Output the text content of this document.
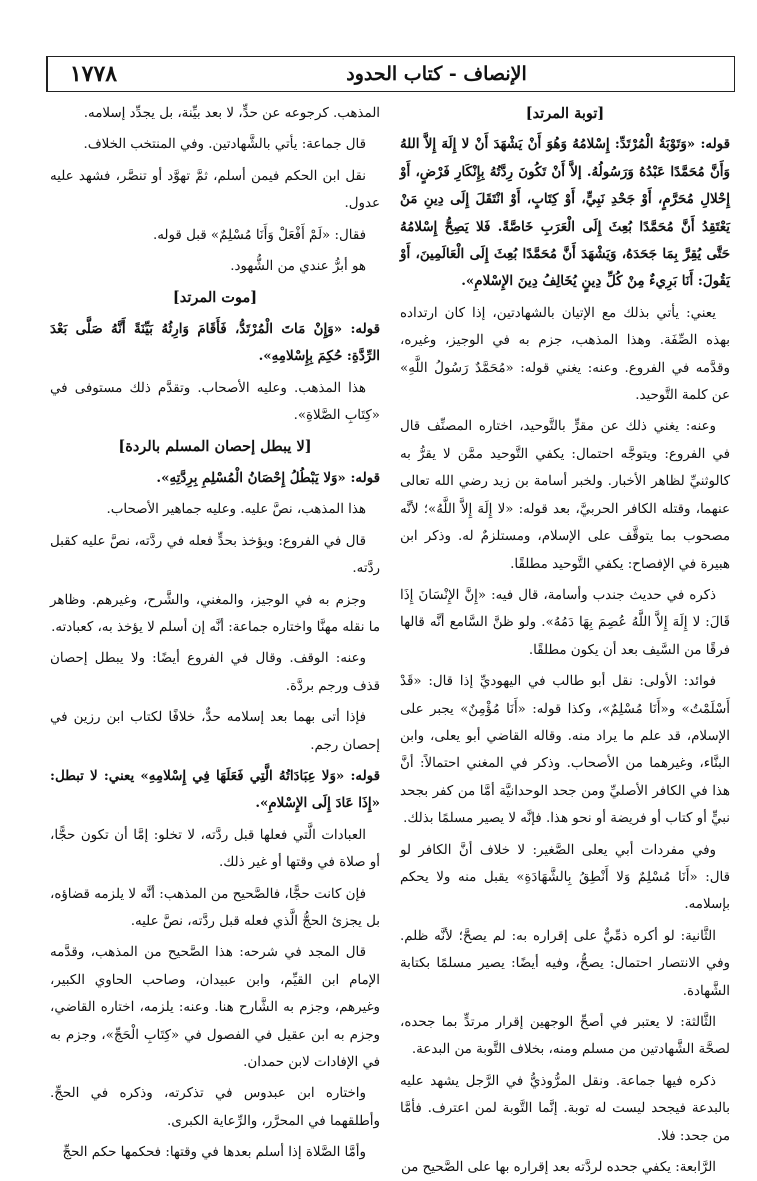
١٧٧٨	الإنصاف - كتاب الحدود

[توبة المرتد]

قوله: «وَتَوْبَةُ الْمُرْتَدِّ: إِسْلامُهُ وَهُوَ أَنْ يَشْهَدَ أَنْ لا إِلَهَ إِلاَّ اللهُ وَأَنَّ مُحَمَّدًا عَبْدُهُ وَرَسُولُهُ. إلاَّ أَنْ تَكُونَ رِدَّتُهُ بِإِنْكَارِ فَرْضٍ، أَوْ إِحْلالِ مُحَرَّمٍ، أَوْ جَحْدِ نَبِيٍّ، أَوْ كِتَابٍ، أَوْ انْتَقَلَ إِلَى دِينِ مَنْ يَعْتَقِدُ أَنَّ مُحَمَّدًا بُعِثَ إِلَى الْعَرَبِ خَاصَّةً. فَلا يَصِحُّ إِسْلامُهُ حَتَّى يُقِرَّ بِمَا جَحَدَهُ، وَيَشْهَدَ أَنَّ مُحَمَّدًا بُعِثَ إِلَى الْعَالَمِينَ، أَوْ يَقُولَ: أَنَا بَرِيءٌ مِنْ كُلِّ دِينٍ يُخَالِفُ دِينَ الإِسْلامِ».

يعني: يأتي بذلك مع الإتيان بالشهادتين، إذا كان ارتداده بهذه الصِّفَة. وهذا المذهب، جزم به في الوجيز، وغيره، وقدَّمه في الفروع. وعنه: يغني قوله: «مُحَمَّدٌ رَسُولُ اللَّهِ» عن كلمة التَّوحيد.

وعنه: يغني ذلك عن مقرٍّ بالتَّوحيد، اختاره المصنِّف قال في الفروع: ويتوجَّه احتمال: يكفي التَّوحيد ممَّن لا يقرُّ به كالوثنيِّ لظاهر الأخبار. ولخبر أسامة بن زيد رضي الله تعالى عنهما، وقتله الكافر الحربيَّ، بعد قوله: «لا إِلَهَ إِلاَّ اللَّهُ»؛ لأنَّه مصحوب بما يتوقَّف على الإسلام، ومستلزمٌ له. وذكر ابن هبيرة في الإفصاح: يكفي التَّوحيد مطلقًا.

ذكره في حديث جندب وأسامة، قال فيه: «إِنَّ الإِنْسَانَ إِذَا قَالَ: لا إِلَهَ إِلاَّ اللَّهُ عُصِمَ بِهَا دَمُهُ». ولو ظنَّ السَّامع أنَّه قالها فرقًا من السَّيف بعد أن يكون مطلقًا.

فوائد: الأولى: نقل أبو طالب في اليهوديِّ إذا قال: «قَدْ أَسْلَمْتُ» و«أَنَا مُسْلِمٌ»، وكذا قوله: «أَنَا مُؤْمِنٌ» يجبر على الإسلام، قد علم ما يراد منه. وقاله القاضي أبو يعلى، وابن البنَّاء، وغيرهما من الأصحاب. وذكر في المغني احتمالاً: أنَّ هذا في الكافر الأصليِّ ومن جحد الوحدانيَّة أمَّا من كفر بجحد نبيٍّ أو كتاب أو فريضة أو نحو هذا. فإنَّه لا يصير مسلمًا بذلك.

وفي مفردات أبي يعلى الصَّغير: لا خلاف أنَّ الكافر لو قال: «أَنَا مُسْلِمٌ وَلا أَنْطِقُ بِالشَّهَادَةِ» يقبل منه ولا يحكم بإسلامه.

الثَّانية: لو أكره ذمِّيٌّ على إقراره به: لم يصحَّ؛ لأنَّه ظلم. وفي الانتصار احتمال: يصحُّ، وفيه أيضًا: يصير مسلمًا بكتابة الشَّهادة.

الثَّالثة: لا يعتبر في أصحِّ الوجهين إقرار مرتدٍّ بما جحده، لصحَّة الشَّهادتين من مسلم ومنه، بخلاف التَّوبة من البدعة.

ذكره فيها جماعة. ونقل المرُّوذيُّ في الرَّجل يشهد عليه بالبدعة فيجحد ليست له توبة. إنَّما التَّوبة لمن اعترف. فأمَّا من جحد: فلا.

الرَّابعة: يكفي جحده لردَّته بعد إقراره بها على الصَّحيح من

المذهب. كرجوعه عن حدٍّ، لا بعد بيِّنة، بل يجدِّد إسلامه.

قال جماعة: يأتي بالشَّهادتين. وفي المنتخب الخلاف.

نقل ابن الحكم فيمن أسلم، ثمَّ تهوَّد أو تنصَّر، فشهد عليه عدول.

فقال: «لَمْ أَفْعَلْ وَأَنَا مُسْلِمٌ» قبل قوله.

هو أبرُّ عندي من الشُّهود.

[موت المرتد]

قوله: «وَإِنْ مَاتَ الْمُرْتَدُّ، فَأَقَامَ وَارِثُهُ بَيِّنَةً أَنَّهُ صَلَّى بَعْدَ الرِّدَّةِ: حُكِمَ بِإِسْلامِهِ».

هذا المذهب. وعليه الأصحاب. وتقدَّم ذلك مستوفى في «كِتَابِ الصَّلاةِ».

[لا يبطل إحصان المسلم بالردة]

قوله: «وَلا يَبْطُلُ إِحْصَانُ الْمُسْلِمِ بِرِدَّتِهِ».

هذا المذهب، نصَّ عليه. وعليه جماهير الأصحاب.

قال في الفروع: ويؤخذ بحدٍّ فعله في ردَّته، نصَّ عليه كقبل ردَّته.

وجزم به في الوجيز، والمغني، والشَّرح، وغيرهم. وظاهر ما نقله مهنَّا واختاره جماعة: أنَّه إن أسلم لا يؤخذ به، كعبادته.

وعنه: الوقف. وقال في الفروع أيضًا: ولا يبطل إحصان قذف ورجم بردَّة.

فإذا أتى بهما بعد إسلامه حدٌّ، خلافًا لكتاب ابن رزين في إحصان رجم.

قوله: «وَلا عِبَادَاتُهُ الَّتِي فَعَلَهَا فِي إِسْلامِهِ» يعني: لا تبطل: «إِذَا عَادَ إِلَى الإِسْلامِ».

العبادات الَّتي فعلها قبل ردَّته، لا تخلو: إمَّا أن تكون حجًّا، أو صلاة في وقتها أو غير ذلك.

فإن كانت حجًّا، فالصَّحيح من المذهب: أنَّه لا يلزمه قضاؤه، بل يجزئ الحجُّ الَّذي فعله قبل ردَّته، نصَّ عليه.

قال المجد في شرحه: هذا الصَّحيح من المذهب، وقدَّمه الإمام ابن القيِّم، وابن عبيدان، وصاحب الحاوي الكبير، وغيرهم، وجزم به الشَّارح هنا. وعنه: يلزمه، اختاره القاضي، وجزم به ابن عقيل في الفصول في «كِتَابِ الْحَجِّ»، وجزم به في الإفادات لابن حمدان.

واختاره ابن عبدوس في تذكرته، وذكره في الحجِّ. وأطلقهما في المحرَّر، والرِّعاية الكبرى.

وأمَّا الصَّلاة إذا أسلم بعدها في وقتها: فحكمها حكم الحجِّ
